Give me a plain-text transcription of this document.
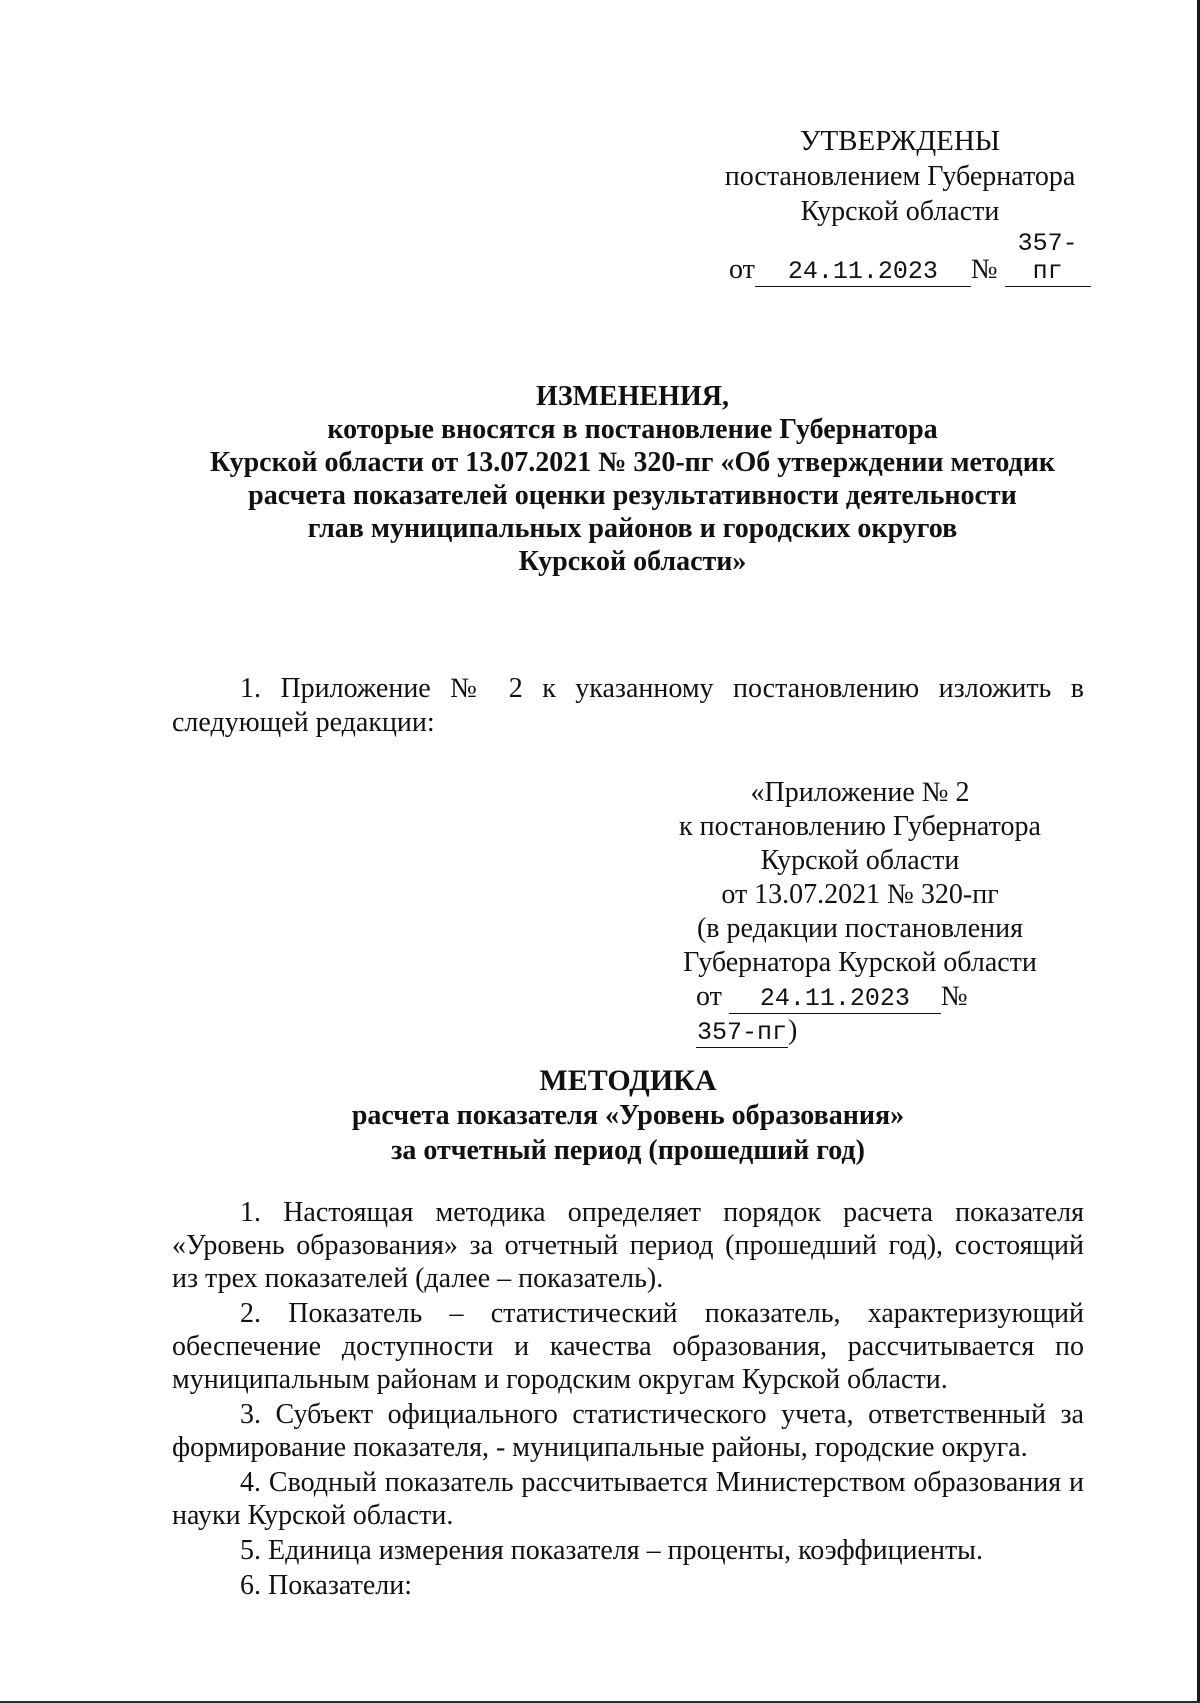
УТВЕРЖДЕНЫ
постановлением Губернатора
Курской области
от 24.11.2023 № 357-пг
ИЗМЕНЕНИЯ,
которые вносятся в постановление Губернатора
Курской области от 13.07.2021 № 320-пг «Об утверждении методик
расчета показателей оценки результативности деятельности
глав муниципальных районов и городских округов
Курской области»
1. Приложение № 2 к указанному постановлению изложить в следующей редакции:
«Приложение № 2
к постановлению Губернатора
Курской области
от 13.07.2021 № 320-пг
(в редакции постановления
Губернатора Курской области
от 24.11.2023 № 357-пг)
МЕТОДИКА
расчета показателя «Уровень образования»
за отчетный период (прошедший год)

1. Настоящая методика определяет порядок расчета показателя «Уровень образования» за отчетный период (прошедший год), состоящий из трех показателей (далее – показатель).

2. Показатель – статистический показатель, характеризующий обеспечение доступности и качества образования, рассчитывается по муниципальным районам и городским округам Курской области.

3. Субъект официального статистического учета, ответственный за формирование показателя, - муниципальные районы, городские округа.

4. Сводный показатель рассчитывается Министерством образования и науки Курской области.

5. Единица измерения показателя – проценты, коэффициенты.

6. Показатели:
